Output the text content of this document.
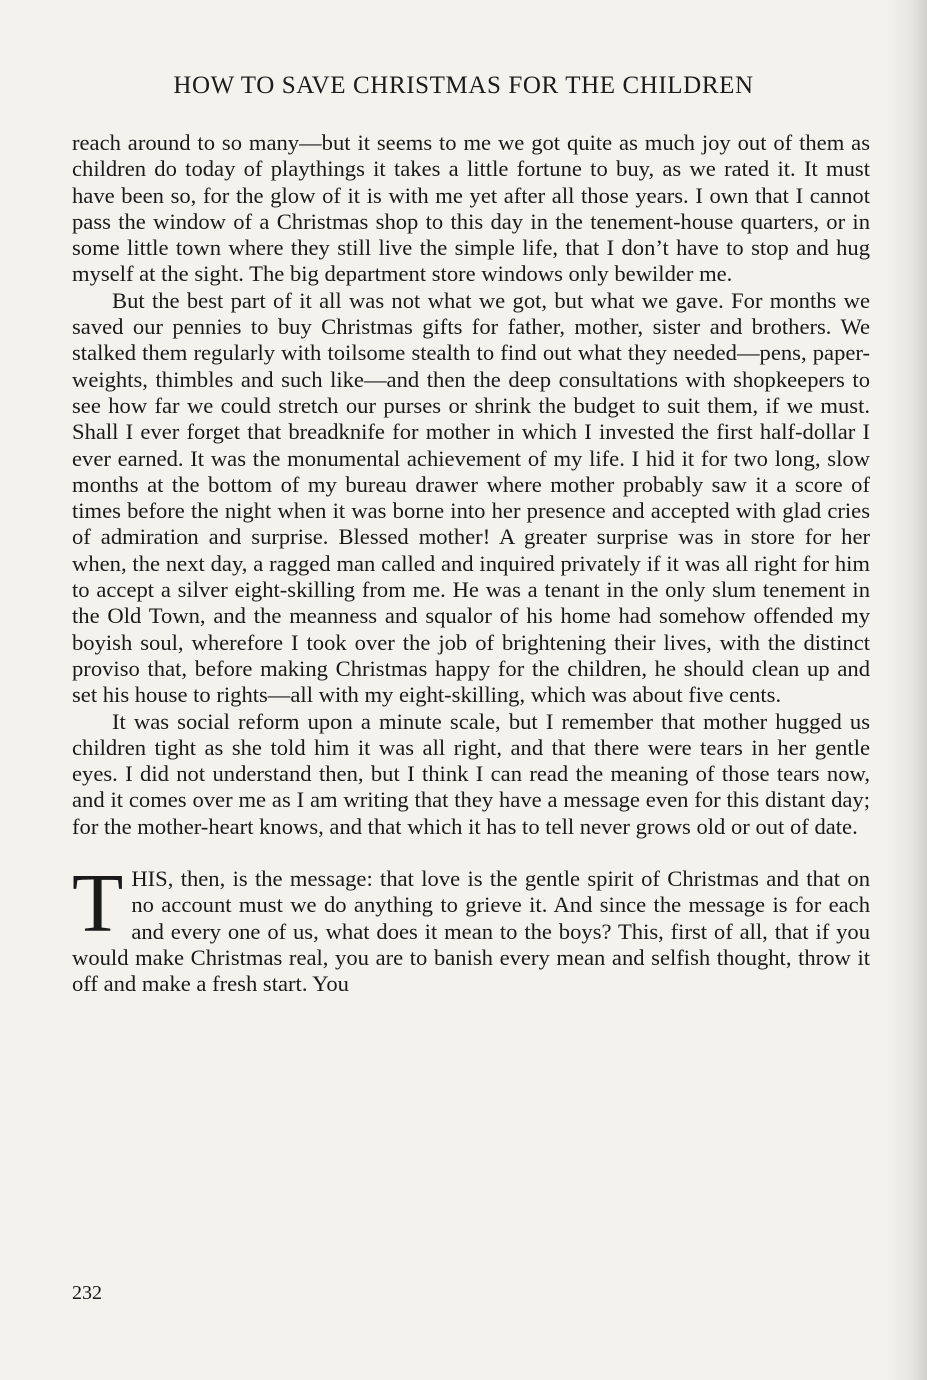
HOW TO SAVE CHRISTMAS FOR THE CHILDREN

reach around to so many—but it seems to me we got quite as much joy out of them as children do today of playthings it takes a little fortune to buy, as we rated it. It must have been so, for the glow of it is with me yet after all those years. I own that I cannot pass the window of a Christmas shop to this day in the tenement-house quarters, or in some little town where they still live the simple life, that I don’t have to stop and hug myself at the sight. The big department store windows only bewilder me.

But the best part of it all was not what we got, but what we gave. For months we saved our pennies to buy Christmas gifts for father, mother, sister and brothers. We stalked them regularly with toilsome stealth to find out what they needed—pens, paper-weights, thimbles and such like—and then the deep consultations with shopkeepers to see how far we could stretch our purses or shrink the budget to suit them, if we must. Shall I ever forget that breadknife for mother in which I invested the first half-dollar I ever earned. It was the monumental achievement of my life. I hid it for two long, slow months at the bottom of my bureau drawer where mother probably saw it a score of times before the night when it was borne into her presence and accepted with glad cries of admiration and surprise. Blessed mother! A greater surprise was in store for her when, the next day, a ragged man called and inquired privately if it was all right for him to accept a silver eight-skilling from me. He was a tenant in the only slum tenement in the Old Town, and the meanness and squalor of his home had somehow offended my boyish soul, wherefore I took over the job of brightening their lives, with the distinct proviso that, before making Christmas happy for the children, he should clean up and set his house to rights—all with my eight-skilling, which was about five cents.

It was social reform upon a minute scale, but I remember that mother hugged us children tight as she told him it was all right, and that there were tears in her gentle eyes. I did not understand then, but I think I can read the meaning of those tears now, and it comes over me as I am writing that they have a message even for this distant day; for the mother-heart knows, and that which it has to tell never grows old or out of date.

THIS, then, is the message: that love is the gentle spirit of Christmas and that on no account must we do anything to grieve it. And since the message is for each and every one of us, what does it mean to the boys? This, first of all, that if you would make Christmas real, you are to banish every mean and selfish thought, throw it off and make a fresh start. You

232
